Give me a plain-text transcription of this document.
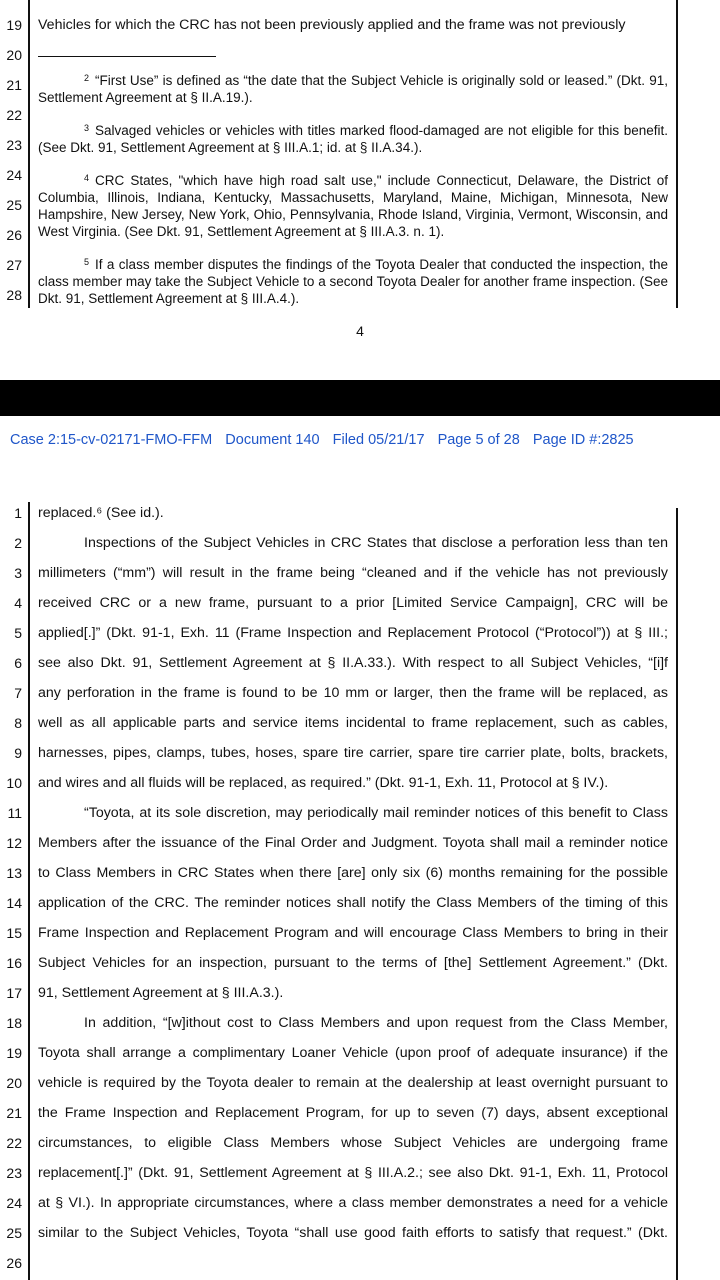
19
20
21
22
23
24
25
26
27
28
Vehicles for which the CRC has not been previously applied and the frame was not previously

$^2$ “First Use” is defined as “the date that the Subject Vehicle is originally sold or leased.” (Dkt. 91, Settlement Agreement at § II.A.19.).

$^3$ Salvaged vehicles or vehicles with titles marked flood-damaged are not eligible for this benefit. (See Dkt. 91, Settlement Agreement at § III.A.1; id. at § II.A.34.).

$^4$ CRC States, "which have high road salt use," include Connecticut, Delaware, the District of Columbia, Illinois, Indiana, Kentucky, Massachusetts, Maryland, Maine, Michigan, Minnesota, New Hampshire, New Jersey, New York, Ohio, Pennsylvania, Rhode Island, Virginia, Vermont, Wisconsin, and West Virginia. (See Dkt. 91, Settlement Agreement at § III.A.3. n. 1).

$^5$ If a class member disputes the findings of the Toyota Dealer that conducted the inspection, the class member may take the Subject Vehicle to a second Toyota Dealer for another frame inspection. (See Dkt. 91, Settlement Agreement at § III.A.4.).

4
Case 2:15-cv-02171-FMO-FFM Document 140 Filed 05/21/17 Page 5 of 28 Page ID #:2825
1
2
3
4
5
6
7
8
9
10
11
12
13
14
15
16
17
18
19
20
21
22
23
24
25
26
replaced.⁶ (See id.).
Inspections of the Subject Vehicles in CRC States that disclose a perforation less than ten
millimeters (“mm”) will result in the frame being “cleaned and if the vehicle has not previously
received CRC or a new frame, pursuant to a prior [Limited Service Campaign], CRC will be
applied[.]” (Dkt. 91-1, Exh. 11 (Frame Inspection and Replacement Protocol (“Protocol”)) at § III.;
see also Dkt. 91, Settlement Agreement at § II.A.33.). With respect to all Subject Vehicles, “[i]f
any perforation in the frame is found to be 10 mm or larger, then the frame will be replaced, as
well as all applicable parts and service items incidental to frame replacement, such as cables,
harnesses, pipes, clamps, tubes, hoses, spare tire carrier, spare tire carrier plate, bolts, brackets,
and wires and all fluids will be replaced, as required.” (Dkt. 91-1, Exh. 11, Protocol at § IV.).
“Toyota, at its sole discretion, may periodically mail reminder notices of this benefit to Class
Members after the issuance of the Final Order and Judgment. Toyota shall mail a reminder notice
to Class Members in CRC States when there [are] only six (6) months remaining for the possible
application of the CRC. The reminder notices shall notify the Class Members of the timing of this
Frame Inspection and Replacement Program and will encourage Class Members to bring in their
Subject Vehicles for an inspection, pursuant to the terms of [the] Settlement Agreement.” (Dkt.
91, Settlement Agreement at § III.A.3.).
In addition, “[w]ithout cost to Class Members and upon request from the Class Member,
Toyota shall arrange a complimentary Loaner Vehicle (upon proof of adequate insurance) if the
vehicle is required by the Toyota dealer to remain at the dealership at least overnight pursuant to
the Frame Inspection and Replacement Program, for up to seven (7) days, absent exceptional
circumstances, to eligible Class Members whose Subject Vehicles are undergoing frame
replacement[.]” (Dkt. 91, Settlement Agreement at § III.A.2.; see also Dkt. 91-1, Exh. 11, Protocol
at § VI.). In appropriate circumstances, where a class member demonstrates a need for a vehicle
similar to the Subject Vehicles, Toyota “shall use good faith efforts to satisfy that request.” (Dkt.
